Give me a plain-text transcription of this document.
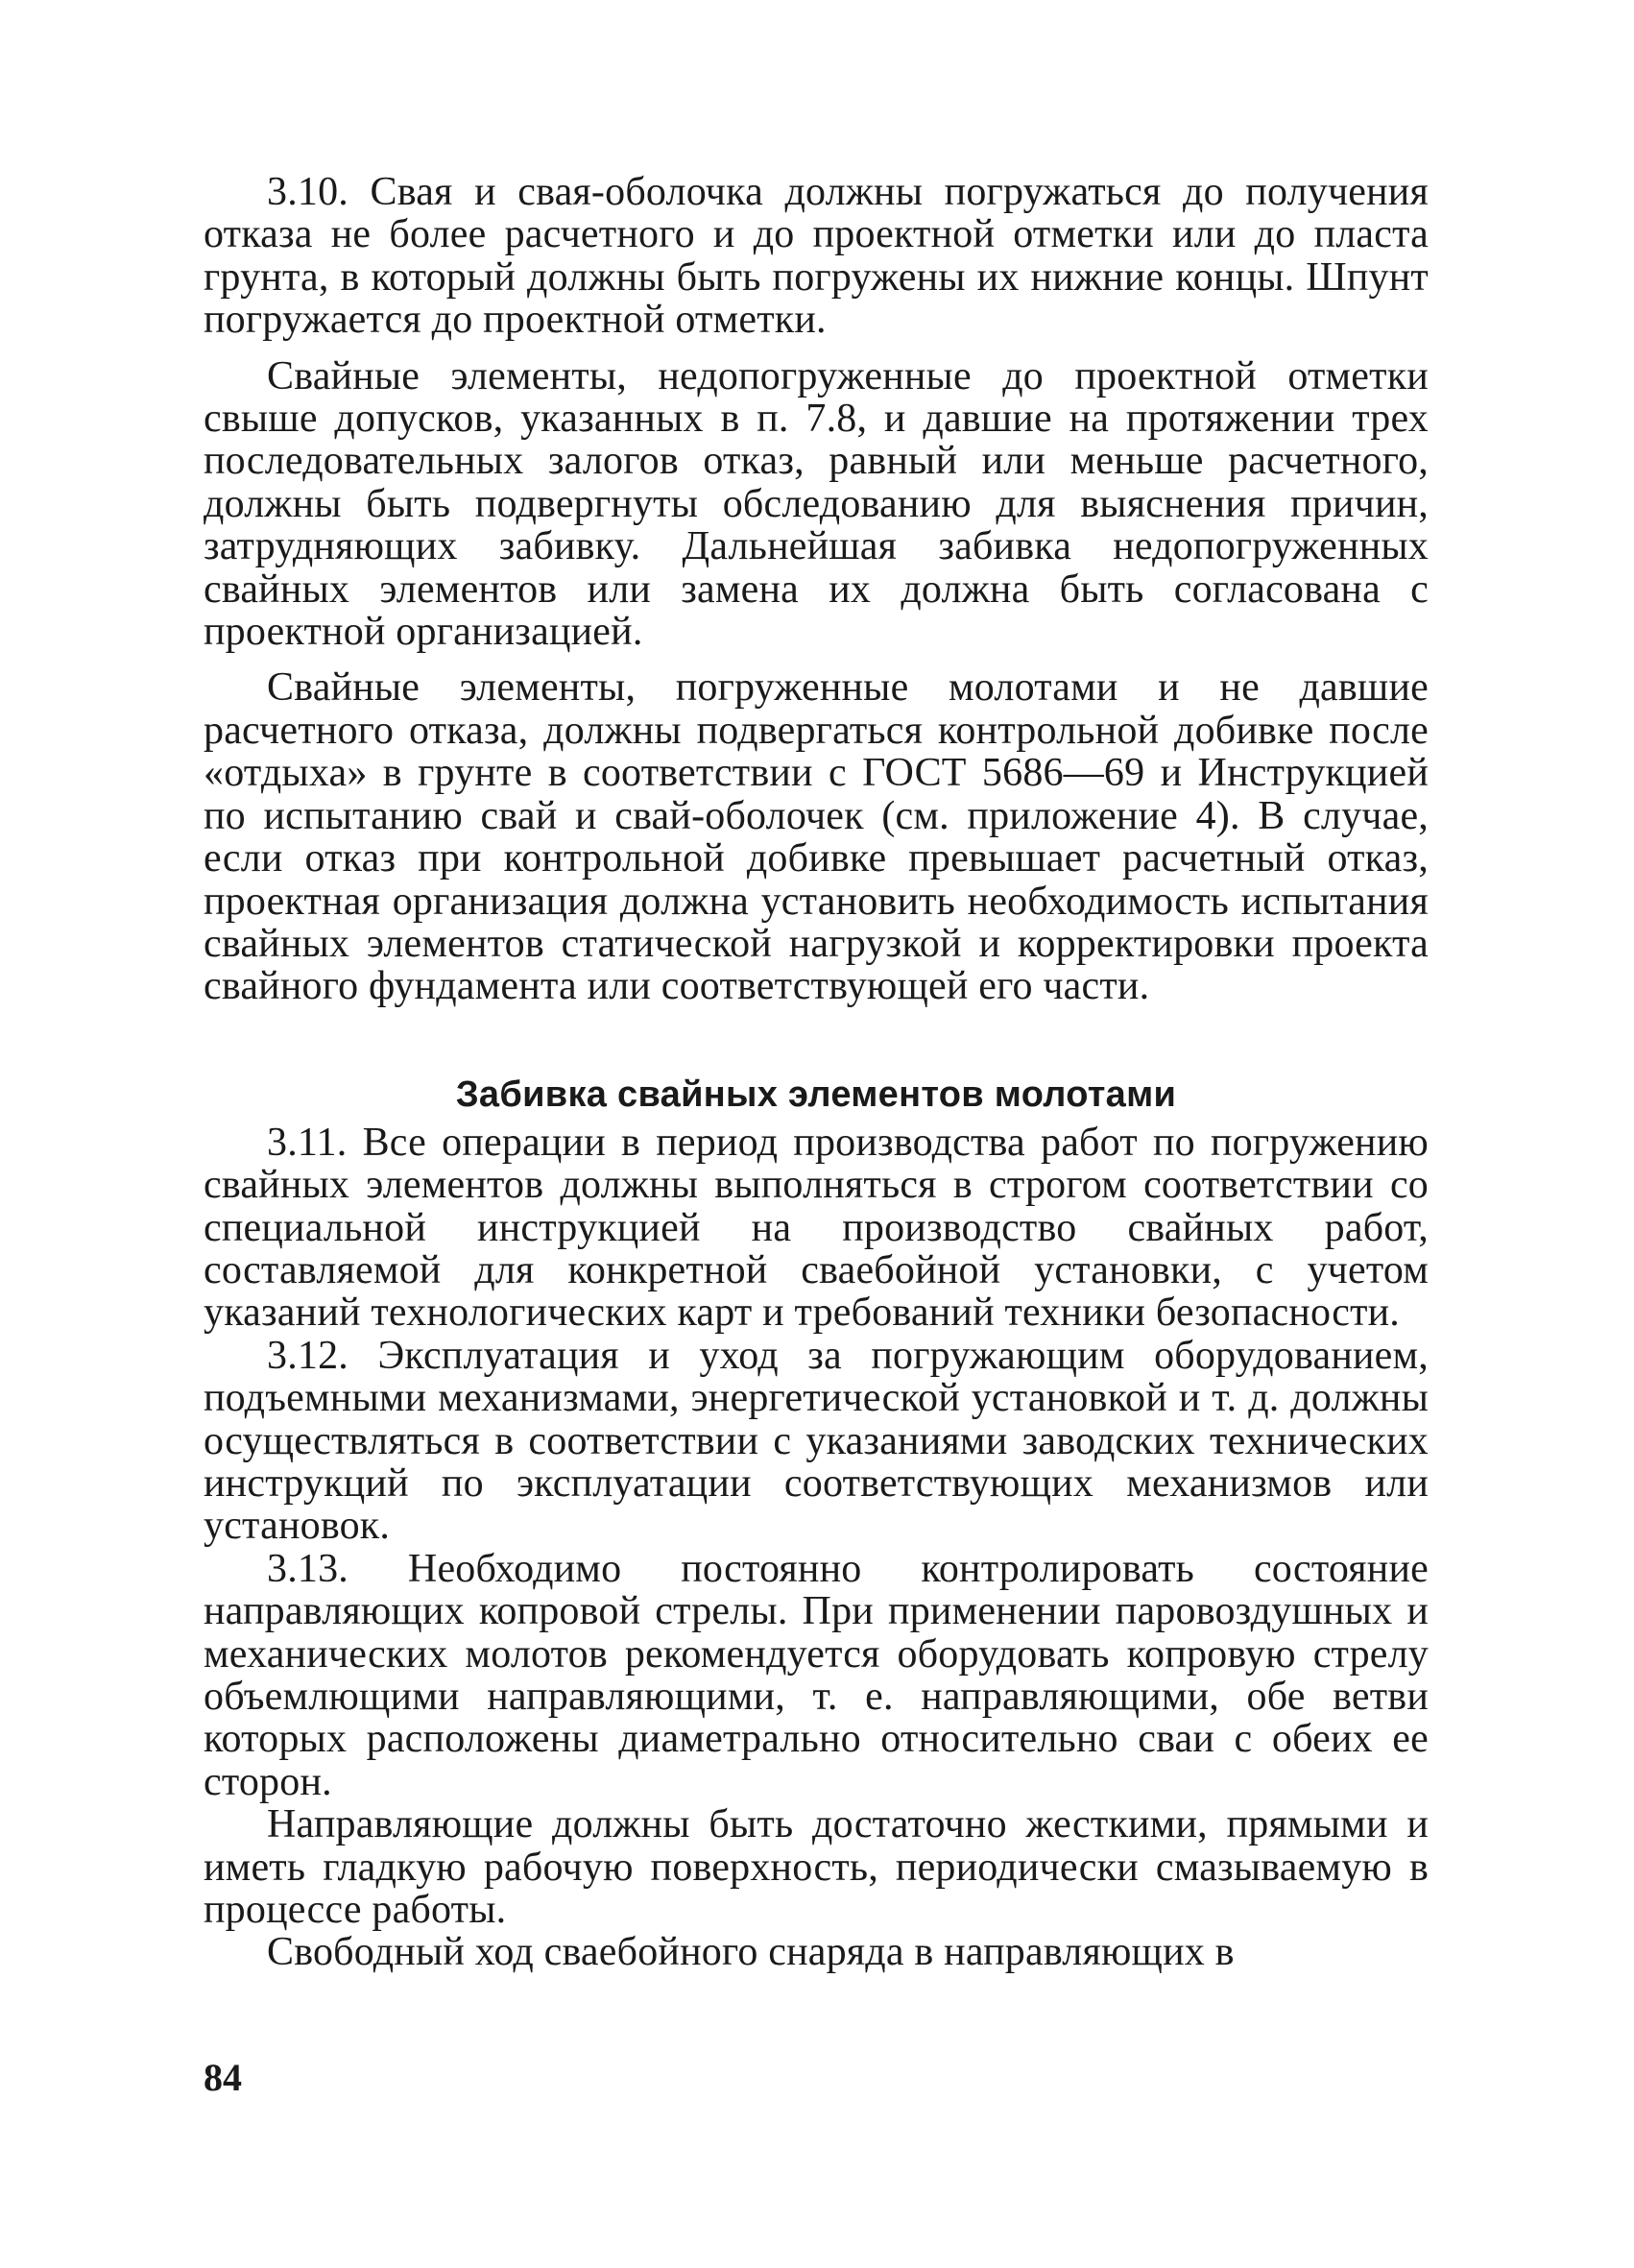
3.10. Свая и свая-оболочка должны погружаться до получения отказа не более расчетного и до проектной отметки или до пласта грунта, в который должны быть погружены их нижние концы. Шпунт погружается до проектной отметки.

Свайные элементы, недопогруженные до проектной отметки свыше допусков, указанных в п. 7.8, и давшие на протяжении трех последовательных залогов отказ, равный или меньше расчетного, должны быть подвергнуты обследованию для выяснения причин, затрудняющих забивку. Дальнейшая забивка недопогруженных свайных элементов или замена их должна быть согласована с проектной организацией.

Свайные элементы, погруженные молотами и не давшие расчетного отказа, должны подвергаться контрольной добивке после «отдыха» в грунте в соответствии с ГОСТ 5686—69 и Инструкцией по испытанию свай и свай-оболочек (см. приложение 4). В случае, если отказ при контрольной добивке превышает расчетный отказ, проектная организация должна установить необходимость испытания свайных элементов статической нагрузкой и корректировки проекта свайного фундамента или соответствующей его части.

Забивка свайных элементов молотами

3.11. Все операции в период производства работ по погружению свайных элементов должны выполняться в строгом соответствии со специальной инструкцией на производство свайных работ, составляемой для конкретной сваебойной установки, с учетом указаний технологических карт и требований техники безопасности.

3.12. Эксплуатация и уход за погружающим оборудованием, подъемными механизмами, энергетической установкой и т. д. должны осуществляться в соответствии с указаниями заводских технических инструкций по эксплуатации соответствующих механизмов или установок.

3.13. Необходимо постоянно контролировать состояние направляющих копровой стрелы. При применении паровоздушных и механических молотов рекомендуется оборудовать копровую стрелу объемлющими направляющими, т. е. направляющими, обе ветви которых расположены диаметрально относительно сваи с обеих ее сторон.

Направляющие должны быть достаточно жесткими, прямыми и иметь гладкую рабочую поверхность, периодически смазываемую в процессе работы.

Свободный ход сваебойного снаряда в направляющих в

84
